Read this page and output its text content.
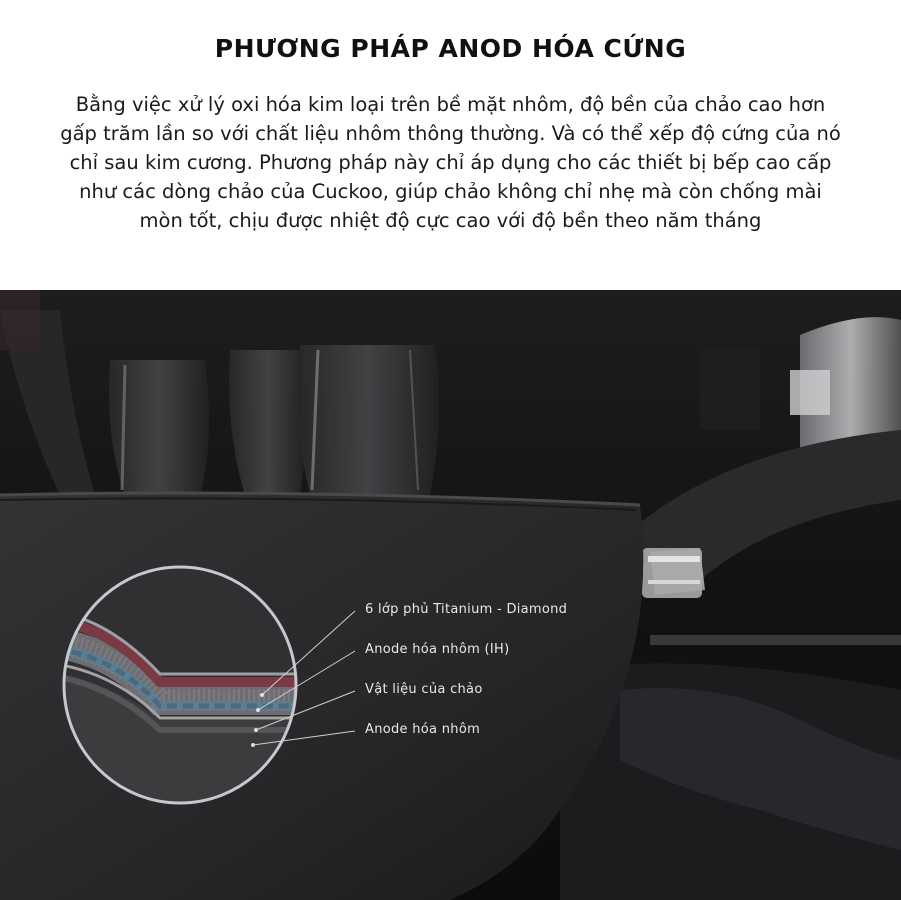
PHƯƠNG PHÁP ANOD HÓA CỨNG

Bằng việc xử lý oxi hóa kim loại trên bề mặt nhôm, độ bền của chảo cao hơn gấp trăm lần so với chất liệu nhôm thông thường. Và có thể xếp độ cứng của nó chỉ sau kim cương. Phương pháp này chỉ áp dụng cho các thiết bị bếp cao cấp như các dòng chảo của Cuckoo, giúp chảo không chỉ nhẹ mà còn chống mài mòn tốt, chịu được nhiệt độ cực cao với độ bền theo năm tháng

6 lớp phủ Titanium - Diamond
Anode hóa nhôm (IH)
Vật liệu của chảo
Anode hóa nhôm
